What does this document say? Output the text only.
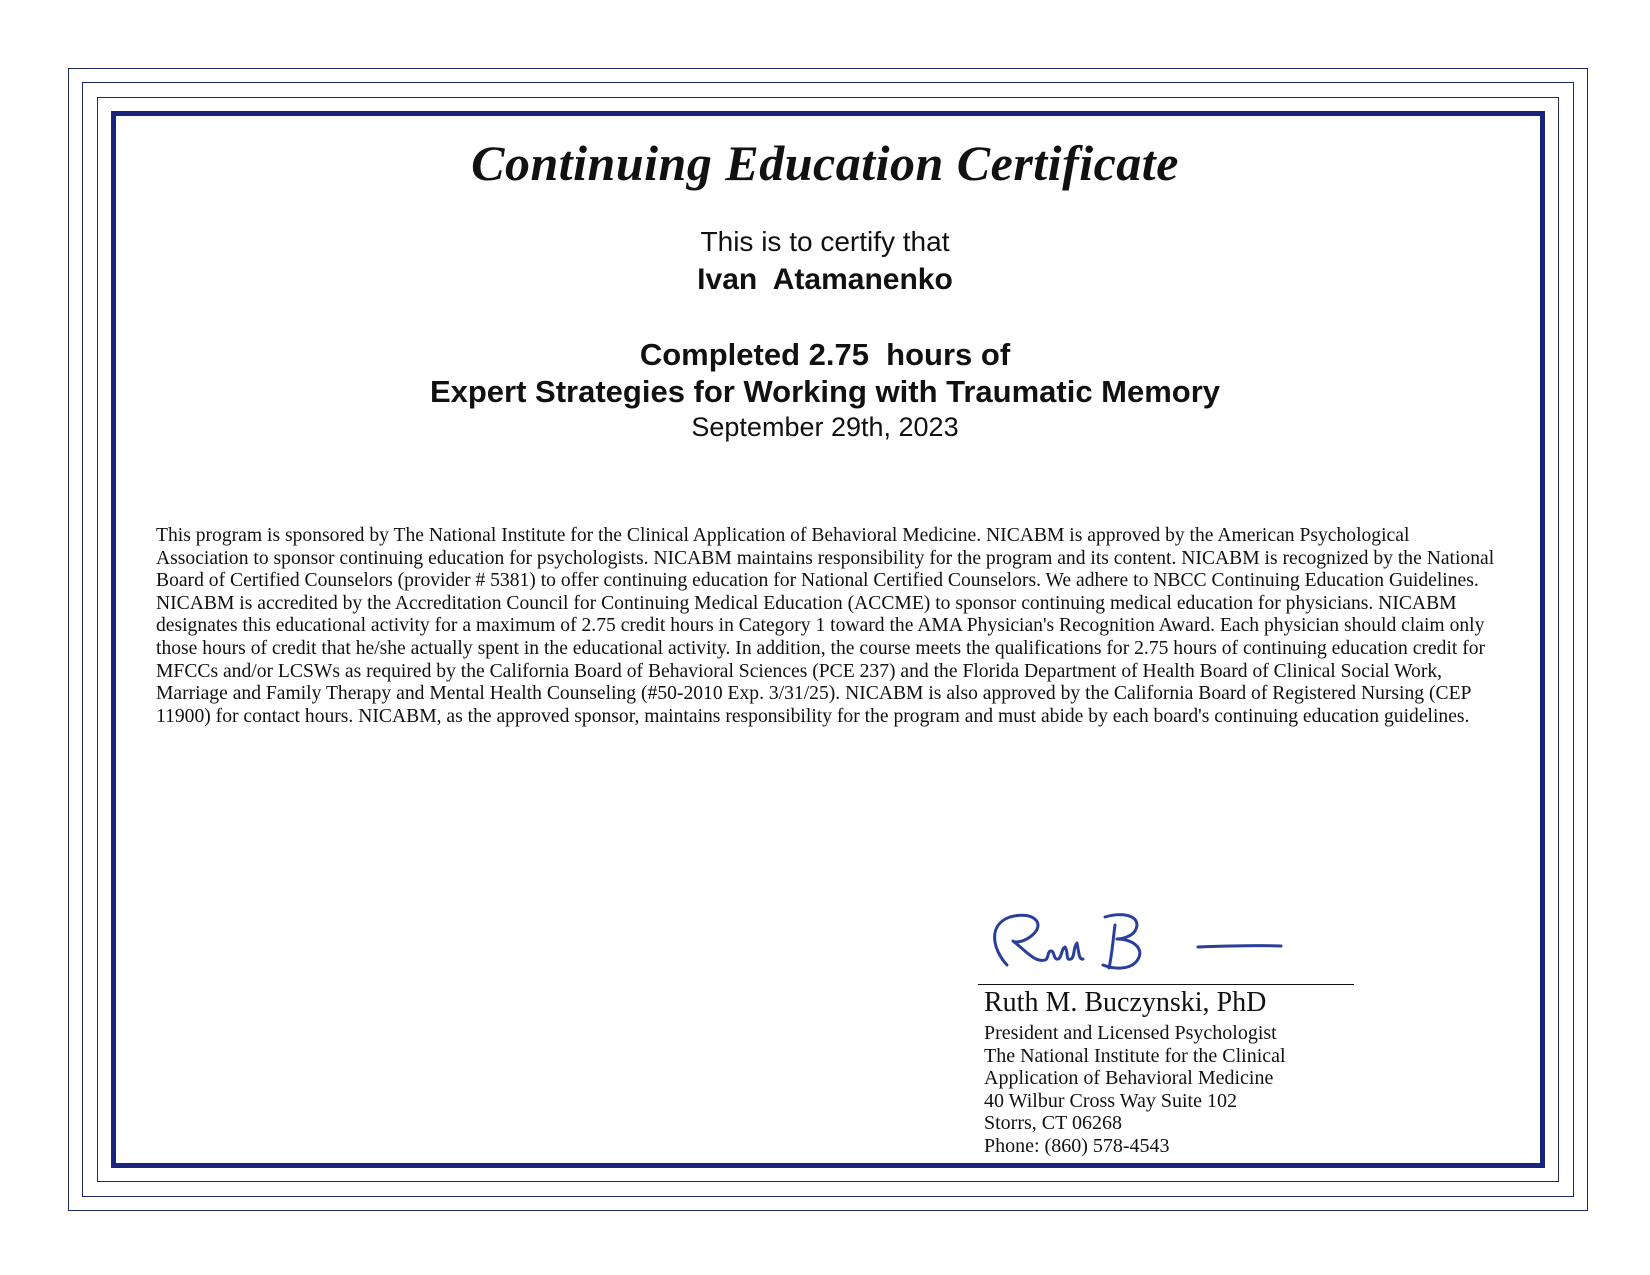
Continuing Education Certificate
This is to certify that
Ivan  Atamanenko
Completed 2.75  hours of
Expert Strategies for Working with Traumatic Memory
September 29th, 2023
This program is sponsored by The National Institute for the Clinical Application of Behavioral Medicine. NICABM is approved by the American Psychological Association to sponsor continuing education for psychologists. NICABM maintains responsibility for the program and its content. NICABM is recognized by the National Board of Certified Counselors (provider # 5381) to offer continuing education for National Certified Counselors. We adhere to NBCC Continuing Education Guidelines. NICABM is accredited by the Accreditation Council for Continuing Medical Education (ACCME) to sponsor continuing medical education for physicians. NICABM designates this educational activity for a maximum of 2.75 credit hours in Category 1 toward the AMA Physician's Recognition Award. Each physician should claim only those hours of credit that he/she actually spent in the educational activity. In addition, the course meets the qualifications for 2.75 hours of continuing education credit for MFCCs and/or LCSWs as required by the California Board of Behavioral Sciences (PCE 237) and the Florida Department of Health Board of Clinical Social Work, Marriage and Family Therapy and Mental Health Counseling (#50-2010 Exp. 3/31/25). NICABM is also approved by the California Board of Registered Nursing (CEP 11900) for contact hours. NICABM, as the approved sponsor, maintains responsibility for the program and must abide by each board's continuing education guidelines.
Ruth M. Buczynski, PhD
President and Licensed Psychologist
The National Institute for the Clinical
Application of Behavioral Medicine
40 Wilbur Cross Way Suite 102
Storrs, CT 06268
Phone: (860) 578-4543
